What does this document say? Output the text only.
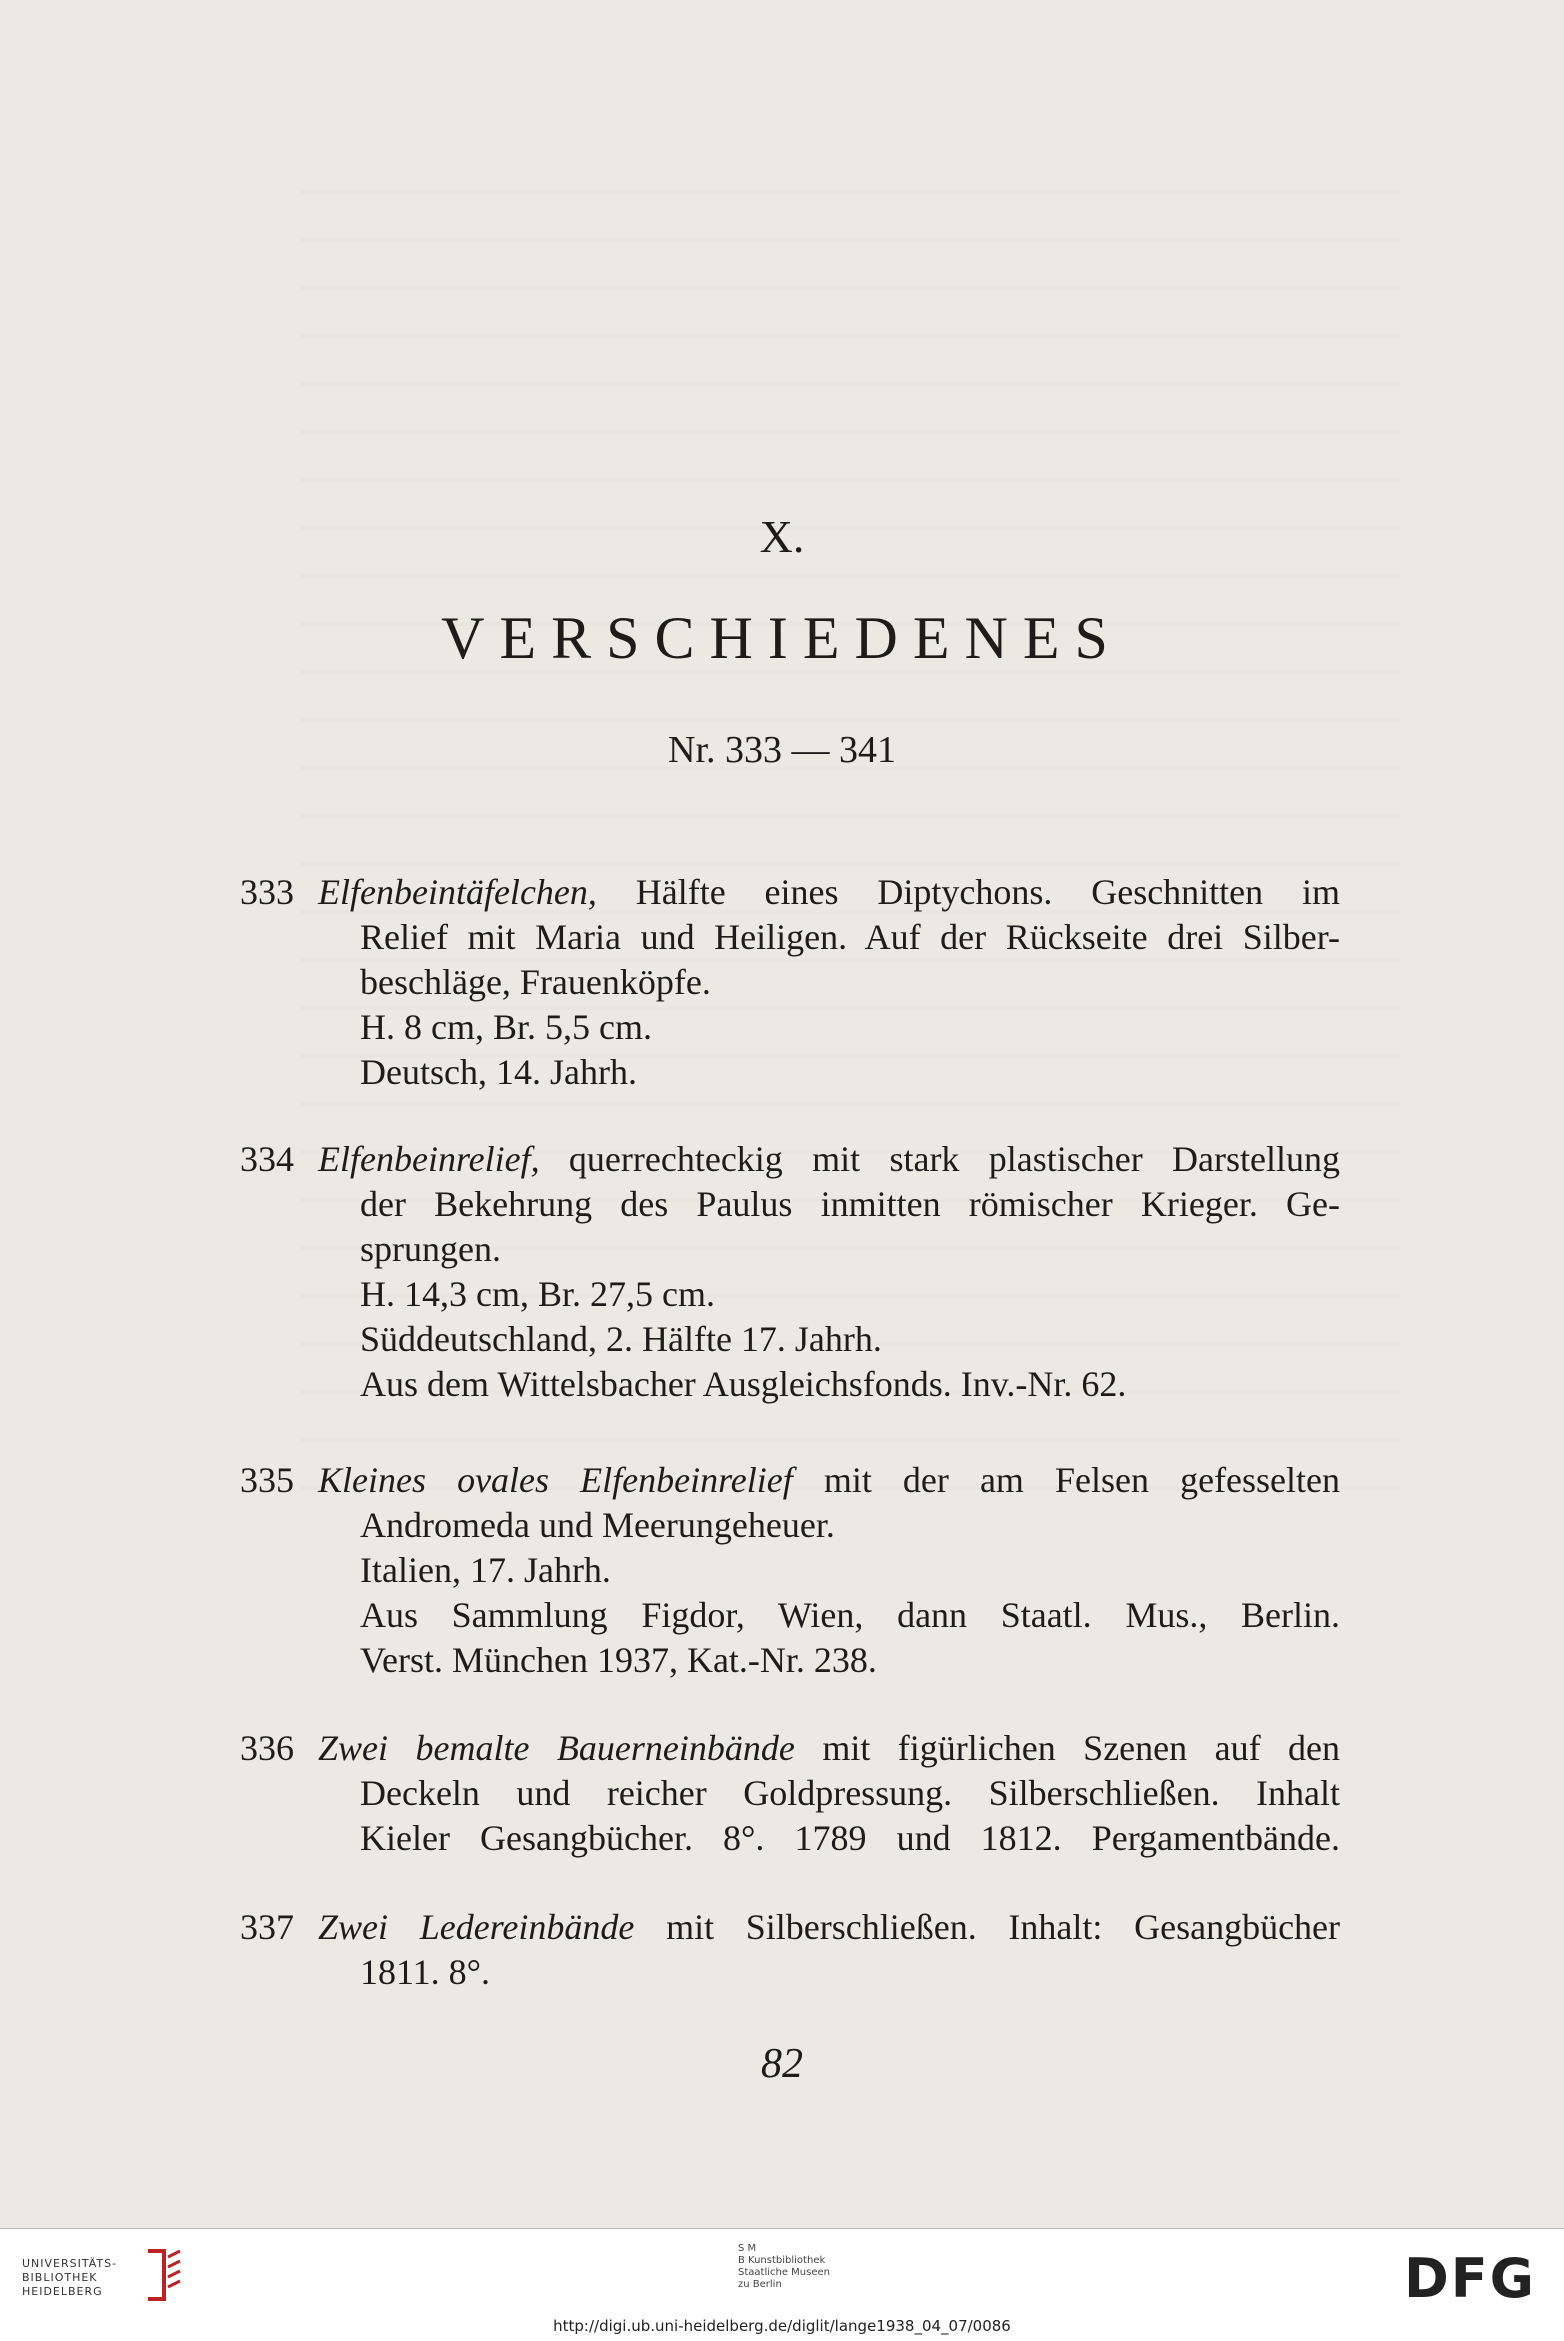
X.
VERSCHIEDENES
Nr. 333 — 341
333 Elfenbeintäfelchen, Hälfte eines Diptychons. Geschnitten im
Relief mit Maria und Heiligen. Auf der Rückseite drei Silber-
beschläge, Frauenköpfe.
H. 8 cm, Br. 5,5 cm.
Deutsch, 14. Jahrh.
334 Elfenbeinrelief, querrechteckig mit stark plastischer Darstellung
der Bekehrung des Paulus inmitten römischer Krieger. Ge-
sprungen.
H. 14,3 cm, Br. 27,5 cm.
Süddeutschland, 2. Hälfte 17. Jahrh.
Aus dem Wittelsbacher Ausgleichsfonds. Inv.-Nr. 62.
335 Kleines ovales Elfenbeinrelief mit der am Felsen gefesselten
Andromeda und Meerungeheuer.
Italien, 17. Jahrh.
Aus Sammlung Figdor, Wien, dann Staatl. Mus., Berlin.
Verst. München 1937, Kat.-Nr. 238.
336 Zwei bemalte Bauerneinbände mit figürlichen Szenen auf den
Deckeln und reicher Goldpressung. Silberschließen. Inhalt
Kieler Gesangbücher. 8°. 1789 und 1812. Pergamentbände.
337 Zwei Ledereinbände mit Silberschließen. Inhalt: Gesangbücher
1811. 8°.
82
UNIVERSITÄTS-
BIBLIOTHEK
HEIDELBERG
S M
B Kunstbibliothek
Staatliche Museen
zu Berlin	DFG
http://digi.ub.uni-heidelberg.de/diglit/lange1938_04_07/0086
